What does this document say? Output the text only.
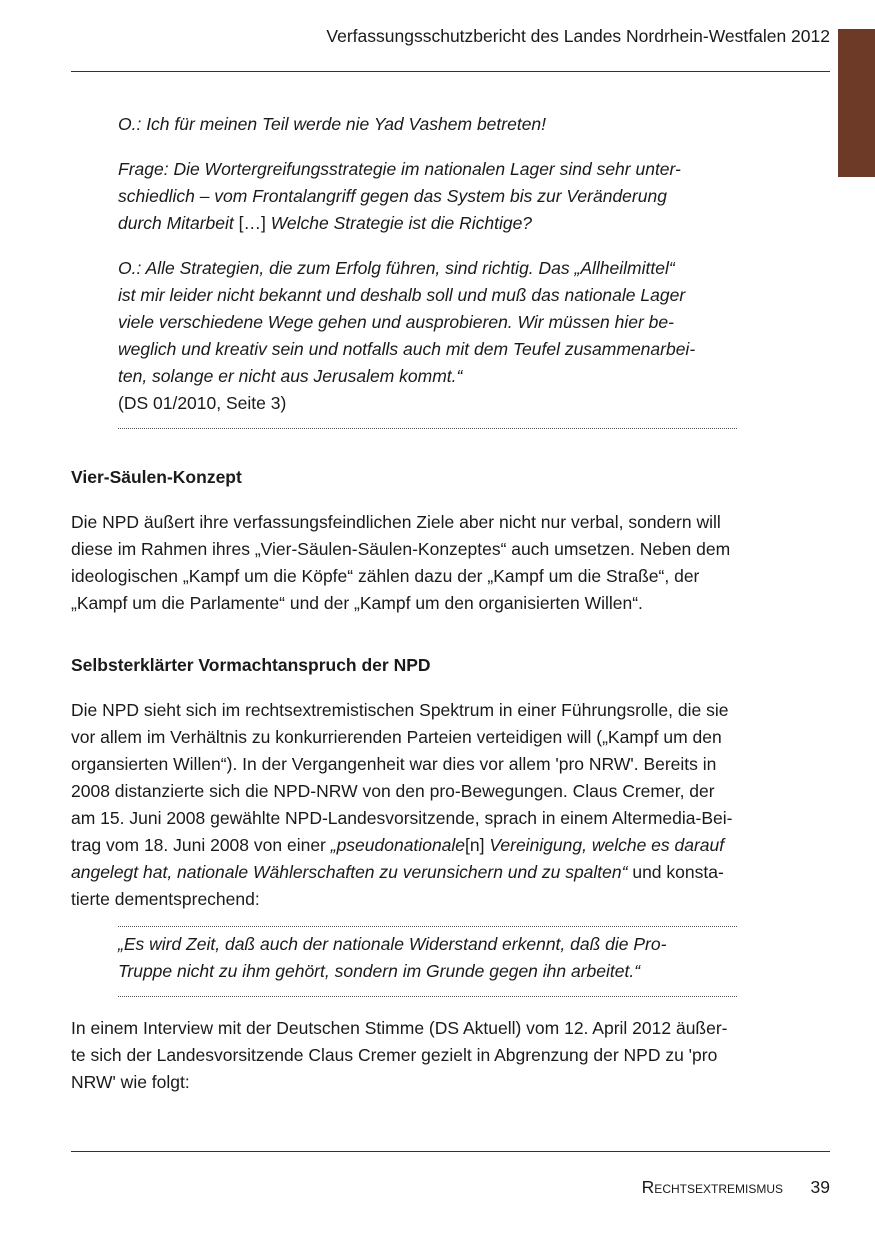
Verfassungsschutzbericht des Landes Nordrhein-Westfalen 2012

O.: Ich für meinen Teil werde nie Yad Vashem betreten!

Frage: Die Wortergreifungsstrategie im nationalen Lager sind sehr unter-

schiedlich – vom Frontalangriff gegen das System bis zur Veränderung

durch Mitarbeit […] Welche Strategie ist die Richtige?

O.: Alle Strategien, die zum Erfolg führen, sind richtig. Das „Allheilmittel“

ist mir leider nicht bekannt und deshalb soll und muß das nationale Lager

viele verschiedene Wege gehen und ausprobieren. Wir müssen hier be-

weglich und kreativ sein und notfalls auch mit dem Teufel zusammenarbei-

ten, solange er nicht aus Jerusalem kommt.“

(DS 01/2010, Seite 3)

Vier-Säulen-Konzept

Die NPD äußert ihre verfassungsfeindlichen Ziele aber nicht nur verbal, sondern will

diese im Rahmen ihres „Vier-Säulen-Säulen-Konzeptes“ auch umsetzen. Neben dem

ideologischen „Kampf um die Köpfe“ zählen dazu der „Kampf um die Straße“, der

„Kampf um die Parlamente“ und der „Kampf um den organisierten Willen“.

Selbsterklärter Vormachtanspruch der NPD

Die NPD sieht sich im rechtsextremistischen Spektrum in einer Führungsrolle, die sie

vor allem im Verhältnis zu konkurrierenden Parteien verteidigen will („Kampf um den

organsierten Willen“). In der Vergangenheit war dies vor allem 'pro NRW'. Bereits in

2008 distanzierte sich die NPD-NRW von den pro-Bewegungen. Claus Cremer, der

am 15. Juni 2008 gewählte NPD-Landesvorsitzende, sprach in einem Altermedia-Bei-

trag vom 18. Juni 2008 von einer „pseudonationale[n] Vereinigung, welche es darauf

angelegt hat, nationale Wählerschaften zu verunsichern und zu spalten“ und konsta-

tierte dementsprechend:

„Es wird Zeit, daß auch der nationale Widerstand erkennt, daß die Pro-

Truppe nicht zu ihm gehört, sondern im Grunde gegen ihn arbeitet.“

In einem Interview mit der Deutschen Stimme (DS Aktuell) vom 12. April 2012 äußer-

te sich der Landesvorsitzende Claus Cremer gezielt in Abgrenzung der NPD zu 'pro

NRW' wie folgt:

Rechtsextremismus 39
